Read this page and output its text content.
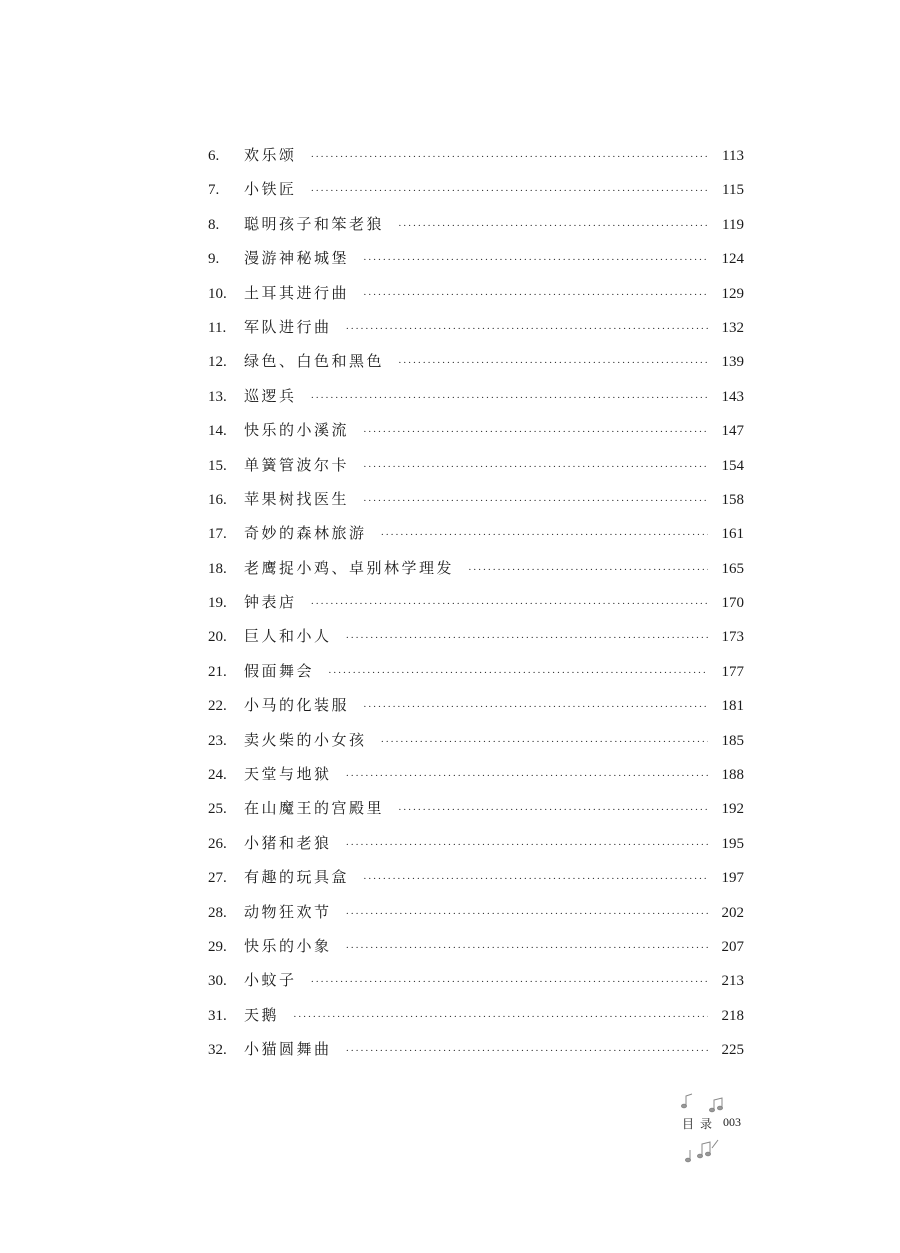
6.	欢乐颂 ·····	113
7.	小铁匠 ·····	115
8.	聪明孩子和笨老狼 ·····	119
9.	漫游神秘城堡 ·····	124
10.	土耳其进行曲 ·····	129
11.	军队进行曲 ·····	132
12.	绿色、白色和黑色 ·····	139
13.	巡逻兵 ·····	143
14.	快乐的小溪流 ·····	147
15.	单簧管波尔卡 ·····	154
16.	苹果树找医生 ·····	158
17.	奇妙的森林旅游 ·····	161
18.	老鹰捉小鸡、卓别林学理发 ·····	165
19.	钟表店 ·····	170
20.	巨人和小人 ·····	173
21.	假面舞会 ·····	177
22.	小马的化装服 ·····	181
23.	卖火柴的小女孩 ·····	185
24.	天堂与地狱 ·····	188
25.	在山魔王的宫殿里 ·····	192
26.	小猪和老狼 ·····	195
27.	有趣的玩具盒 ·····	197
28.	动物狂欢节 ·····	202
29.	快乐的小象 ·····	207
30.	小蚊子 ·····	213
31.	天鹅 ·····	218
32.	小猫圆舞曲 ·····	225
目录 003
